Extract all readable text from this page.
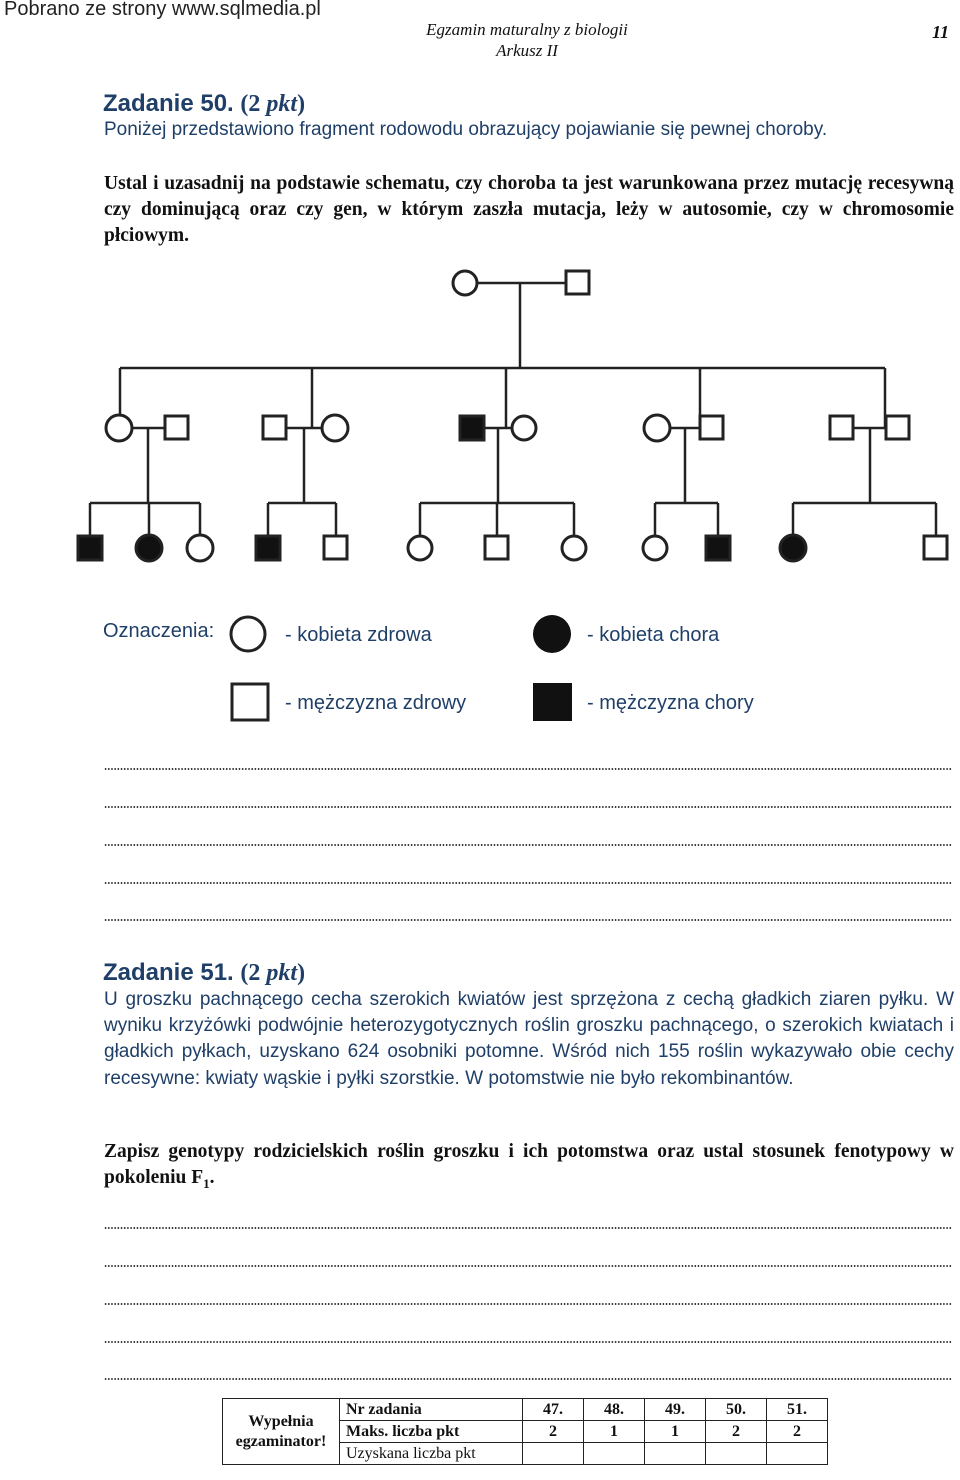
Pobrano ze strony www.sqlmedia.pl
Egzamin maturalny z biologii
Arkusz II
11
Zadanie 50. (2 pkt)
Poniżej przedstawiono fragment rodowodu obrazujący pojawianie się pewnej choroby.
Ustal i uzasadnij na podstawie schematu, czy choroba ta jest warunkowana przez mutację recesywną czy dominującą oraz czy gen, w którym zaszła mutacja, leży w autosomie, czy w chromosomie płciowym.
Oznaczenia:	- kobieta zdrowa	- kobieta chora
- mężczyzna zdrowy	- mężczyzna chory
Zadanie 51. (2 pkt)
U groszku pachnącego cecha szerokich kwiatów jest sprzężona z cechą gładkich ziaren pyłku. W wyniku krzyżówki podwójnie heterozygotycznych roślin groszku pachnącego, o szerokich kwiatach i gładkich pyłkach, uzyskano 624 osobniki potomne. Wśród nich 155 roślin wykazywało obie cechy recesywne: kwiaty wąskie i pyłki szorstkie. W potomstwie nie było rekombinantów.
Zapisz genotypy rodzicielskich roślin groszku i ich potomstwa oraz ustal stosunek fenotypowy w pokoleniu $F_1$.
Wypełnia
egzaminator!	Nr zadania	47.	48.	49.	50.	51.
	Maks. liczba pkt	2	1	1	2	2
	Uzyskana liczba pkt					
